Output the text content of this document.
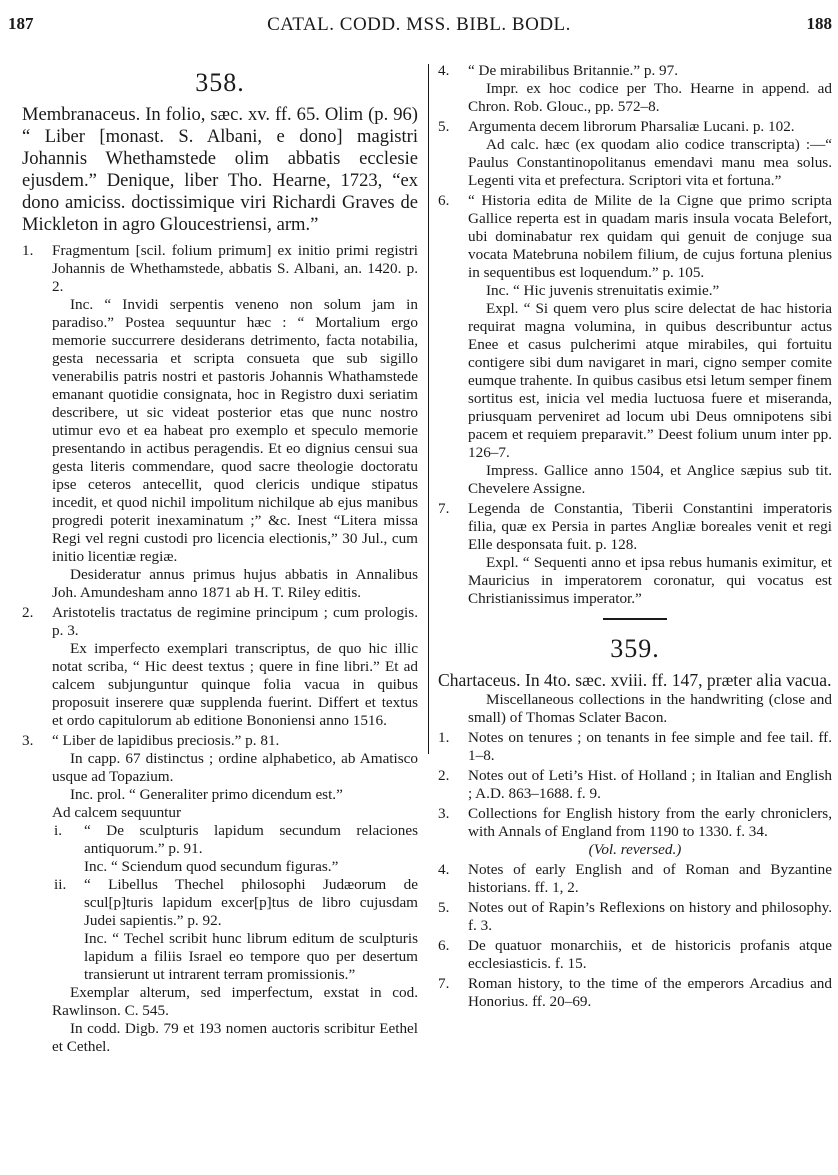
187	CATAL. CODD. MSS. BIBL. BODL.	188
358.

Membranaceus. In folio, sæc. xv. ff. 65. Olim (p. 96) “ Liber [monast. S. Albani, e dono] magistri Johannis Whethamstede olim abbatis ecclesie ejusdem.” Denique, liber Tho. Hearne, 1723, “ex dono amiciss. doctissimique viri Richardi Graves de Mickleton in agro Gloucestriensi, arm.”

1. Fragmentum [scil. folium primum] ex initio primi registri Johannis de Whethamstede, abbatis S. Albani, an. 1420. p. 2.

Inc. “ Invidi serpentis veneno non solum jam in paradiso.” Postea sequuntur hæc : “ Mortalium ergo memorie succurrere desiderans detrimento, facta notabilia, gesta necessaria et scripta consueta que sub sigillo venerabilis patris nostri et pastoris Johannis Whathamstede emanant quotidie consignata, hoc in Registro duxi seriatim describere, ut sic videat posterior etas que nunc nostro utimur evo et ea habeat pro exemplo et speculo memorie presentando in actibus peragendis. Et eo dignius censui sua gesta literis commendare, quod sacre theologie doctoratu ipse ceteros antecellit, quod clericis undique stipatus incedit, et quod nichil impolitum nichilque ab ejus manibus progredi poterit inexaminatum ;” &c. Inest “Litera missa Regi vel regni custodi pro licencia electionis,” 30 Jul., cum initio licentiæ regiæ.

Desideratur annus primus hujus abbatis in Annalibus Joh. Amundesham anno 1871 ab H. T. Riley editis.

2. Aristotelis tractatus de regimine principum ; cum prologis. p. 3.

Ex imperfecto exemplari transcriptus, de quo hic illic notat scriba, “ Hic deest textus ; quere in fine libri.” Et ad calcem subjunguntur quinque folia vacua in quibus proposuit inserere quæ supplenda fuerint. Differt et textus et ordo capitulorum ab editione Bononiensi anno 1516.

3. “ Liber de lapidibus preciosis.” p. 81.

In capp. 67 distinctus ; ordine alphabetico, ab Amatisco usque ad Topazium.

Inc. prol. “ Generaliter primo dicendum est.”

Ad calcem sequuntur

i. “ De sculpturis lapidum secundum relaciones antiquorum.” p. 91.

Inc. “ Sciendum quod secundum figuras.”

ii. “ Libellus Thechel philosophi Judæorum de scul[p]turis lapidum excer[p]tus de libro cujusdam Judei sapientis.” p. 92.

Inc. “ Techel scribit hunc librum editum de sculpturis lapidum a filiis Israel eo tempore quo per desertum transierunt ut intrarent terram promissionis.”

Exemplar alterum, sed imperfectum, exstat in cod. Rawlinson. C. 545.

In codd. Digb. 79 et 193 nomen auctoris scribitur Eethel et Cethel.

4. “ De mirabilibus Britannie.” p. 97.

Impr. ex hoc codice per Tho. Hearne in append. ad Chron. Rob. Glouc., pp. 572–8.

5. Argumenta decem librorum Pharsaliæ Lucani. p. 102.

Ad calc. hæc (ex quodam alio codice transcripta) :—“ Paulus Constantinopolitanus emendavi manu mea solus. Legenti vita et prefectura. Scriptori vita et fortuna.”

6. “ Historia edita de Milite de la Cigne que primo scripta Gallice reperta est in quadam maris insula vocata Belefort, ubi dominabatur rex quidam qui genuit de conjuge sua vocata Matebruna nobilem filium, de cujus fortuna plenius in sequentibus est loquendum.” p. 105.

Inc. “ Hic juvenis strenuitatis eximie.”

Expl. “ Si quem vero plus scire delectat de hac historia requirat magna volumina, in quibus describuntur actus Enee et casus pulcherimi atque mirabiles, qui fortuitu contigere sibi dum navigaret in mari, cigno semper comite eumque trahente. In quibus casibus etsi letum semper finem sortitus est, inicia vel media luctuosa fuere et miseranda, priusquam perveniret ad locum ubi Deus omnipotens sibi pacem et requiem preparavit.” Deest folium unum inter pp. 126–7.

Impress. Gallice anno 1504, et Anglice sæpius sub tit. Chevelere Assigne.

7. Legenda de Constantia, Tiberii Constantini imperatoris filia, quæ ex Persia in partes Angliæ boreales venit et regi Elle desponsata fuit. p. 128.

Expl. “ Sequenti anno et ipsa rebus humanis eximitur, et Mauricius in imperatorem coronatur, qui vocatus est Christianissimus imperator.”

359.

Chartaceus. In 4to. sæc. xviii. ff. 147, præter alia vacua.

Miscellaneous collections in the handwriting (close and small) of Thomas Sclater Bacon.

1. Notes on tenures ; on tenants in fee simple and fee tail. ff. 1–8.
2. Notes out of Leti’s Hist. of Holland ; in Italian and English ; A.D. 863–1688. f. 9.
3. Collections for English history from the early chroniclers, with Annals of England from 1190 to 1330. f. 34.

(Vol. reversed.)

4. Notes of early English and of Roman and Byzantine historians. ff. 1, 2.
5. Notes out of Rapin’s Reflexions on history and philosophy. f. 3.
6. De quatuor monarchiis, et de historicis profanis atque ecclesiasticis. f. 15.
7. Roman history, to the time of the emperors Arcadius and Honorius. ff. 20–69.
